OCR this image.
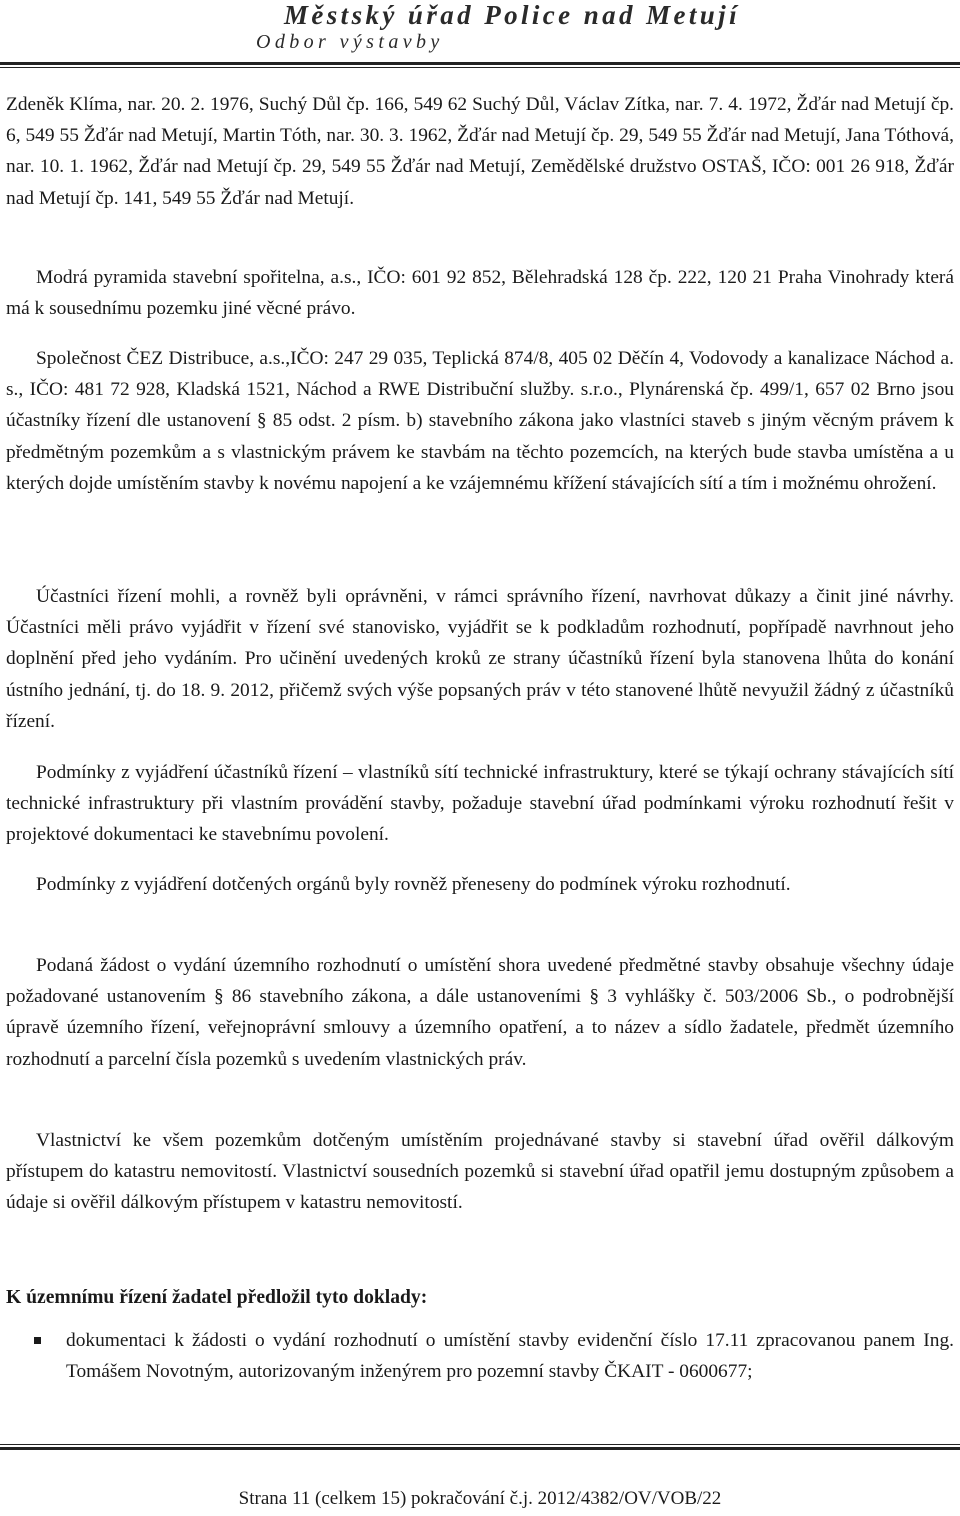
Městský úřad Police nad Metují
Odbor výstavby

Zdeněk Klíma, nar. 20. 2. 1976, Suchý Důl čp. 166, 549 62 Suchý Důl, Václav Zítka, nar. 7. 4. 1972, Žďár nad Metují čp. 6, 549 55 Žďár nad Metují, Martin Tóth, nar. 30. 3. 1962, Žďár nad Metují čp. 29, 549 55 Žďár nad Metují, Jana Tóthová, nar. 10. 1. 1962, Žďár nad Metují čp. 29, 549 55 Žďár nad Metují, Zemědělské družstvo OSTAŠ, IČO: 001 26 918, Žďár nad Metují čp. 141, 549 55 Žďár nad Metují.

Modrá pyramida stavební spořitelna, a.s., IČO: 601 92 852, Bělehradská 128 čp. 222, 120 21 Praha Vinohrady která má k sousednímu pozemku jiné věcné právo.

Společnost ČEZ Distribuce, a.s.,IČO: 247 29 035, Teplická 874/8, 405 02 Děčín 4, Vodovody a kanalizace Náchod a. s., IČO: 481 72 928, Kladská 1521, Náchod a RWE Distribuční služby. s.r.o., Plynárenská čp. 499/1, 657 02 Brno jsou účastníky řízení dle ustanovení § 85 odst. 2 písm. b) stavebního zákona jako vlastníci staveb s jiným věcným právem k předmětným pozemkům a s vlastnickým právem ke stavbám na těchto pozemcích, na kterých bude stavba umístěna a u kterých dojde umístěním stavby k novému napojení a ke vzájemnému křížení stávajících sítí a tím i možnému ohrožení.

Účastníci řízení mohli, a rovněž byli oprávněni, v rámci správního řízení, navrhovat důkazy a činit jiné návrhy. Účastníci měli právo vyjádřit v řízení své stanovisko, vyjádřit se k podkladům rozhodnutí, popřípadě navrhnout jeho doplnění před jeho vydáním. Pro učinění uvedených kroků ze strany účastníků řízení byla stanovena lhůta do konání ústního jednání, tj. do 18. 9. 2012, přičemž svých výše popsaných práv v této stanovené lhůtě nevyužil žádný z účastníků řízení.

Podmínky z vyjádření účastníků řízení – vlastníků sítí technické infrastruktury, které se týkají ochrany stávajících sítí technické infrastruktury při vlastním provádění stavby, požaduje stavební úřad podmínkami výroku rozhodnutí řešit v projektové dokumentaci ke stavebnímu povolení.

Podmínky z vyjádření dotčených orgánů byly rovněž přeneseny do podmínek výroku rozhodnutí.

Podaná žádost o vydání územního rozhodnutí o umístění shora uvedené předmětné stavby obsahuje všechny údaje požadované ustanovením § 86 stavebního zákona, a dále ustanoveními § 3 vyhlášky č. 503/2006 Sb., o podrobnější úpravě územního řízení, veřejnoprávní smlouvy a územního opatření, a to název a sídlo žadatele, předmět územního rozhodnutí a parcelní čísla pozemků s uvedením vlastnických práv.

Vlastnictví ke všem pozemkům dotčeným umístěním projednávané stavby si stavební úřad ověřil dálkovým přístupem do katastru nemovitostí. Vlastnictví sousedních pozemků si stavební úřad opatřil jemu dostupným způsobem a údaje si ověřil dálkovým přístupem v katastru nemovitostí.

K územnímu řízení žadatel předložil tyto doklady:
dokumentaci k žádosti o vydání rozhodnutí o umístění stavby evidenční číslo 17.11 zpracovanou panem Ing. Tomášem Novotným, autorizovaným inženýrem pro pozemní stavby ČKAIT - 0600677;
Strana 11 (celkem 15) pokračování č.j. 2012/4382/OV/VOB/22
